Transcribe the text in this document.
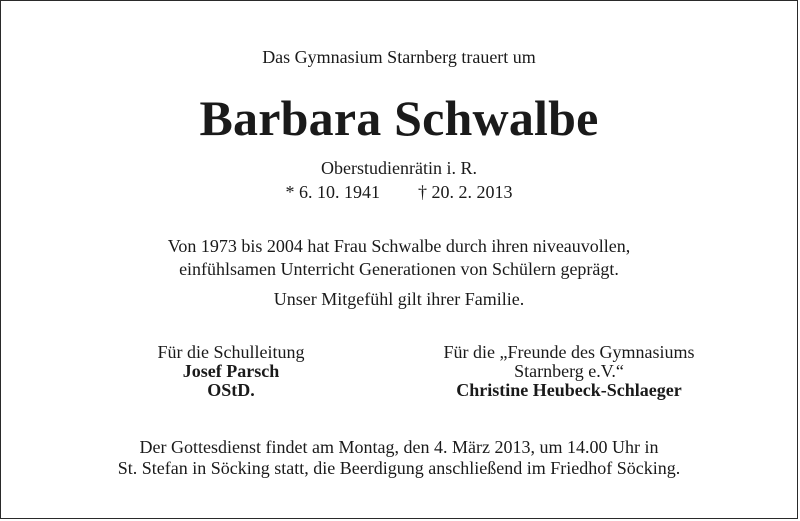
Das Gymnasium Starnberg trauert um
Barbara Schwalbe
Oberstudienrätin i. R.
* 6. 10. 1941 † 20. 2. 2013
Von 1973 bis 2004 hat Frau Schwalbe durch ihren niveauvollen,
einfühlsamen Unterricht Generationen von Schülern geprägt.
Unser Mitgefühl gilt ihrer Familie.
Für die Schulleitung
Josef Parsch
OStD.
Für die „Freunde des Gymnasiums
Starnberg e.V.“
Christine Heubeck-Schlaeger
Der Gottesdienst findet am Montag, den 4. März 2013, um 14.00 Uhr in
St. Stefan in Söcking statt, die Beerdigung anschließend im Friedhof Söcking.
